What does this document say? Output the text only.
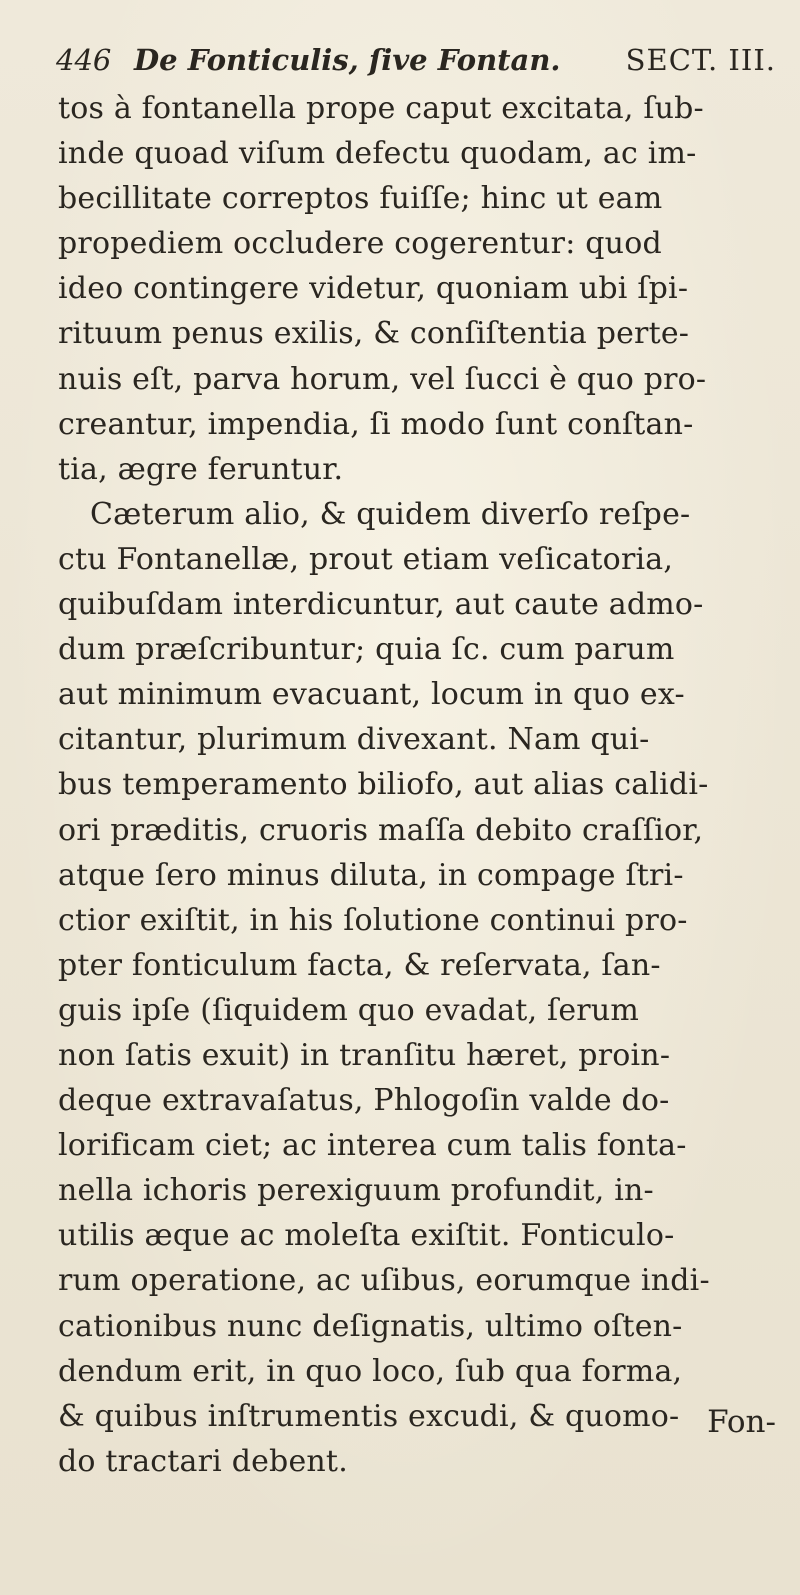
446 De Fonticulis, ſive Fontan. SECT. III.
tos à fontanella prope caput excitata, ſub-
inde quoad viſum defectu quodam, ac im-
becillitate correptos fuiſſe; hinc ut eam
propediem occludere cogerentur: quod
ideo contingere videtur, quoniam ubi ſpi-
rituum penus exilis, & conſiſtentia perte-
nuis eſt, parva horum, vel ſucci è quo pro-
creantur, impendia, ſi modo ſunt conſtan-
tia, ægre feruntur.
Cæterum alio, & quidem diverſo reſpe-
ctu Fontanellæ, prout etiam veſicatoria,
quibuſdam interdicuntur, aut caute admo-
dum præſcribuntur; quia ſc. cum parum
aut minimum evacuant, locum in quo ex-
citantur, plurimum divexant. Nam qui-
bus temperamento biliofo, aut alias calidi-
ori præditis, cruoris maſſa debito craſſior,
atque ſero minus diluta, in compage ſtri-
ctior exiſtit, in his ſolutione continui pro-
pter fonticulum facta, & reſervata, ſan-
guis ipſe (ſiquidem quo evadat, ſerum
non ſatis exuit) in tranſitu hæret, proin-
deque extravaſatus, Phlogoſin valde do-
lorificam ciet; ac interea cum talis fonta-
nella ichoris perexiguum profundit, in-
utilis æque ac moleſta exiſtit. Fonticulo-
rum operatione, ac uſibus, eorumque indi-
cationibus nunc deſignatis, ultimo oſten-
dendum erit, in quo loco, ſub qua forma,
& quibus inſtrumentis excudi, & quomo-
do tractari debent.
Fon-
